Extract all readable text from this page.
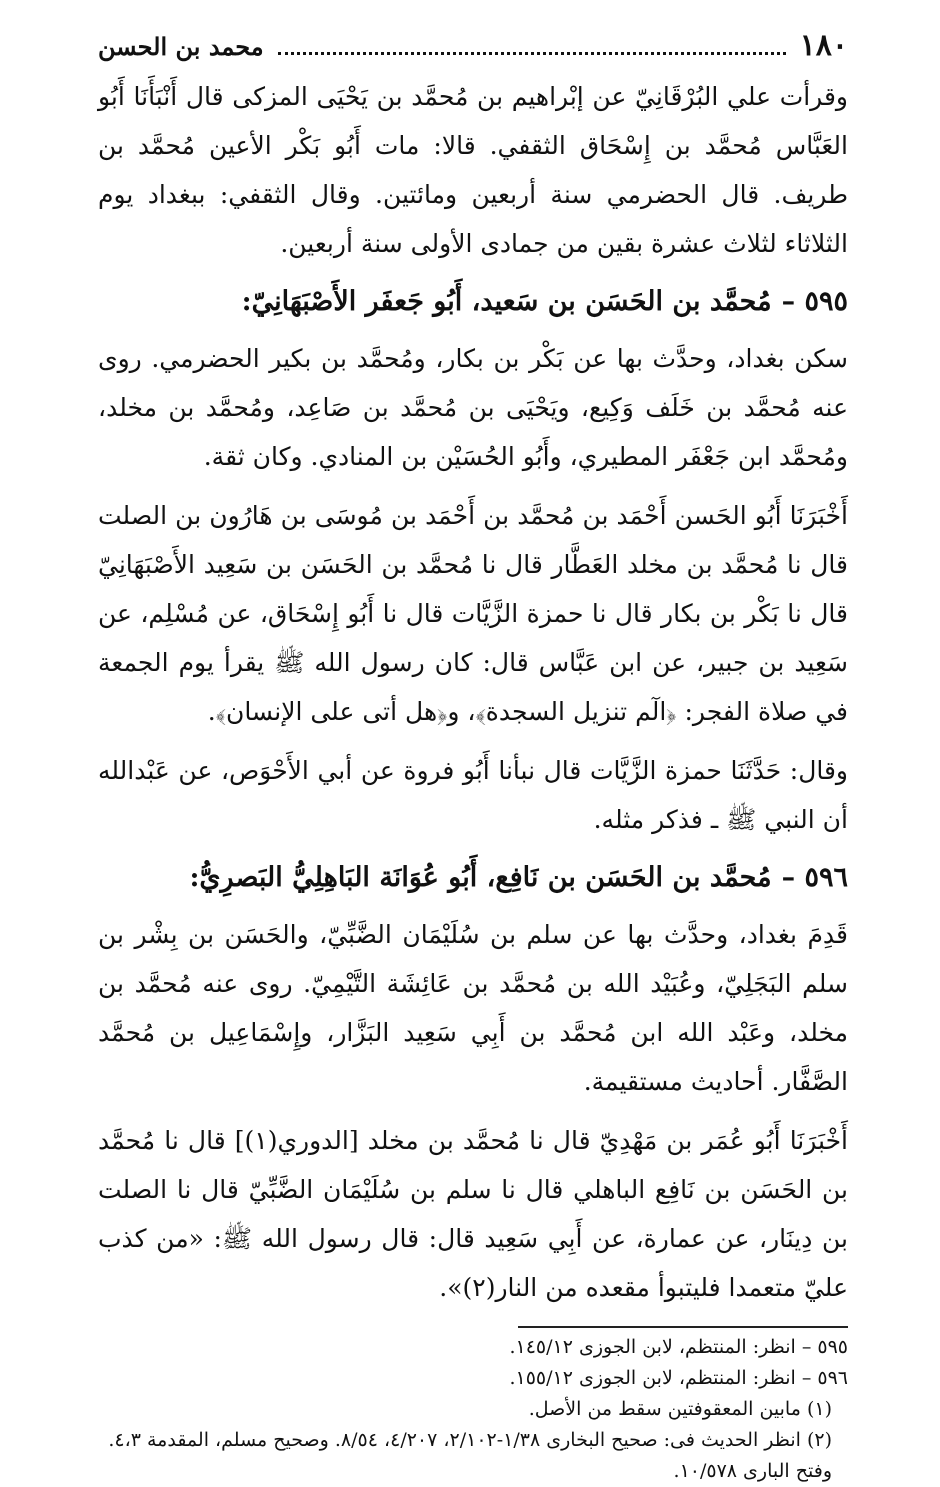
١٨٠
محمد بن الحسن

وقرأت علي البُرْقَانِيّ عن إبْراهيم بن مُحمَّد بن يَحْيَى المزكى قال أَنْبَأَنَا أَبُو العَبَّاس مُحمَّد بن إِسْحَاق الثقفي. قالا: مات أَبُو بَكْر الأعين مُحمَّد بن طريف. قال الحضرمي سنة أربعين ومائتين. وقال الثقفي: ببغداد يوم الثلاثاء لثلاث عشرة بقين من جمادى الأولى سنة أربعين.

٥٩٥ –مُحمَّد بن الحَسَن بن سَعيد، أَبُو جَعفَر الأَصْبَهَانِيّ:

سكن بغداد، وحدَّث بها عن بَكْر بن بكار، ومُحمَّد بن بكير الحضرمي. روى عنه مُحمَّد بن خَلَف وَكِيع، ويَحْيَى بن مُحمَّد بن صَاعِد، ومُحمَّد بن مخلد، ومُحمَّد ابن جَعْفَر المطيري، وأَبُو الحُسَيْن بن المنادي. وكان ثقة.

أَخْبَرَنَا أَبُو الحَسن أَحْمَد بن مُحمَّد بن أَحْمَد بن مُوسَى بن هَارُون بن الصلت قال نا مُحمَّد بن مخلد العَطَّار قال نا مُحمَّد بن الحَسَن بن سَعِيد الأَصْبَهَانِيّ قال نا بَكْر بن بكار قال نا حمزة الزَّيَّات قال نا أَبُو إِسْحَاق، عن مُسْلِم، عن سَعِيد بن جبير، عن ابن عَبَّاس قال: كان رسول الله ﷺ يقرأ يوم الجمعة في صلاة الفجر: ﴿الٓم تنزيل السجدة﴾، و﴿هل أتى على الإنسان﴾.

وقال: حَدَّثَنَا حمزة الزَّيَّات قال نبأنا أَبُو فروة عن أبي الأَحْوَص، عن عَبْدالله أن النبي ﷺ ـ فذكر مثله.

٥٩٦ –مُحمَّد بن الحَسَن بن نَافِع، أَبُو عُوَانَة البَاهِلِيُّ البَصرِيُّ:

قَدِمَ بغداد، وحدَّث بها عن سلم بن سُلَيْمَان الضَّبِّيّ، والحَسَن بن بِشْر بن سلم البَجَلِيّ، وعُبَيْد الله بن مُحمَّد بن عَائِشَة التَّيْمِيّ. روى عنه مُحمَّد بن مخلد، وعَبْد الله ابن مُحمَّد بن أَبِي سَعِيد البَزَّار، وإِسْمَاعِيل بن مُحمَّد الصَّفَّار. أحاديث مستقيمة.

أَخْبَرَنَا أَبُو عُمَر بن مَهْدِيّ قال نا مُحمَّد بن مخلد [الدوري(١)] قال نا مُحمَّد بن الحَسَن بن نَافِع الباهلي قال نا سلم بن سُلَيْمَان الضَّبِّيّ قال نا الصلت بن دِينَار، عن عمارة، عن أَبِي سَعِيد قال: قال رسول الله ﷺ: «من كذب عليّ متعمدا فليتبوأ مقعده من النار(٢)».

٥٩٥ – انظر: المنتظم، لابن الجوزى ١٤٥/١٢.

٥٩٦ – انظر: المنتظم، لابن الجوزى ١٥٥/١٢.

(١) مابين المعقوفتين سقط من الأصل.

(٢) انظر الحديث فى: صحيح البخارى ١/٣٨-٢/١٠٢، ٤/٢٠٧، ٨/٥٤. وصحيح مسلم، المقدمة ٤،٣. وفتح البارى ١٠/٥٧٨.
